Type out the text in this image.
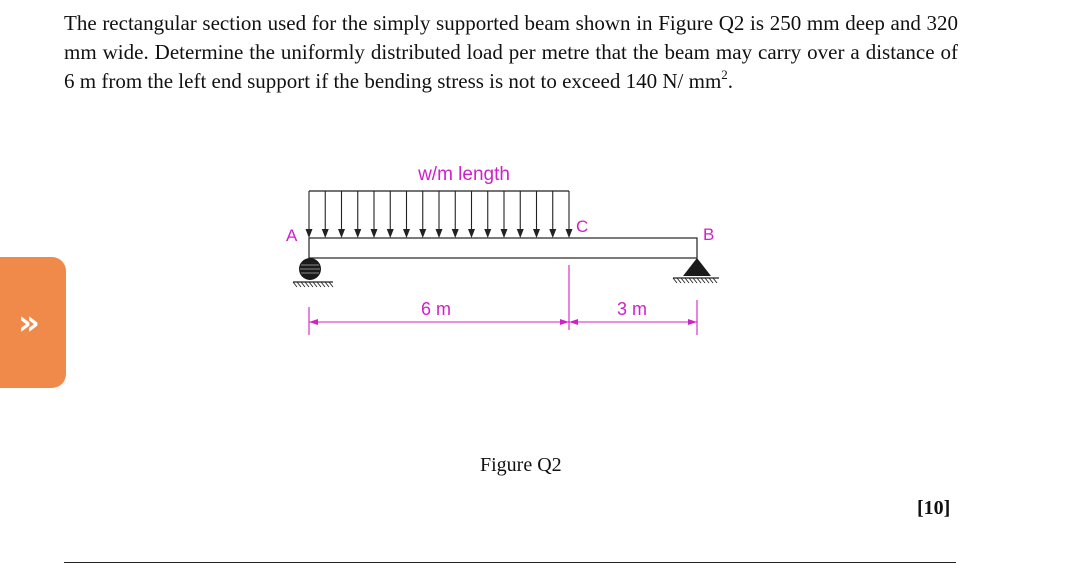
The rectangular section used for the simply supported beam shown in Figure Q2 is 250 mm deep and 320 mm wide. Determine the uniformly distributed load per metre that the beam may carry over a distance of 6 m from the left end support if the bending stress is not to exceed 140 N/ $mm^2$.

w/m length
A	C	B
6 m	3 m
Figure Q2
[10]
»
